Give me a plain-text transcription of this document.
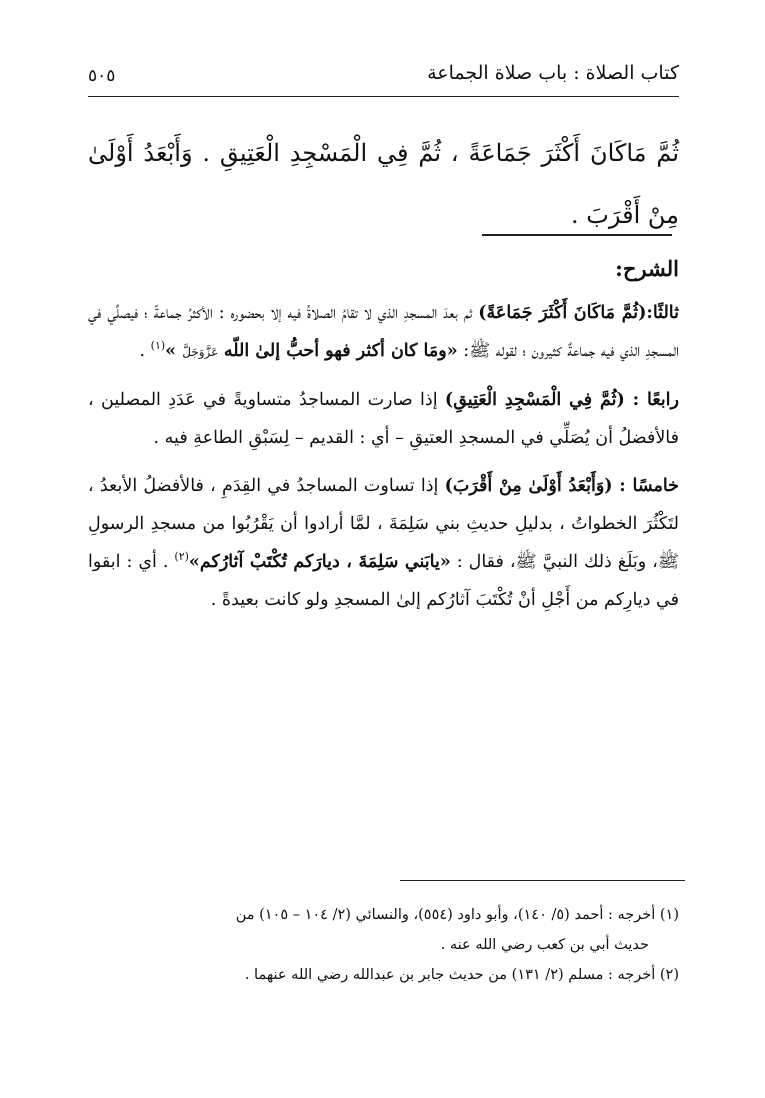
كتاب الصلاة : باب صلاة الجماعة
٥٠٥
ثُمَّ مَاكَانَ أَكْثَرَ جَمَاعَةً ، ثُمَّ فِي الْمَسْجِدِ الْعَتِيقِ . وَأَبْعَدُ أَوْلَىٰ مِنْ أَقْرَبَ .
الشرح:

ثالثًا:(ثُمَّ مَاكَانَ أَكْثَرَ جَمَاعَةً) ثم بعدَ المسجدِ الذي لا تقامُ الصلاةُ فيه إلا بحضوره : الأكثرُ جماعةً ؛ فيصلِّي في المسجدِ الذي فيه جماعةٌ كثيرون ؛ لقوله ﷺ: «ومَا كان أكثر فهو أحبُّ إلىٰ اللّه عَزَّوَجَلَّ »$^{(١)}$ .

رابعًا : (ثُمَّ فِي الْمَسْجِدِ الْعَتِيقِ) إذا صارت المساجدُ متساويةً في عَدَدِ المصلين ، فالأفضلُ أن يُصَلِّي في المسجدِ العتيقِ – أي : القديم – لِسَبْقِ الطاعةِ فيه .

خامسًا : (وَأَبْعَدُ أَوْلَىٰ مِنْ أَقْرَبَ) إذا تساوت المساجدُ في القِدَمِ ، فالأفضلُ الأبعدُ ، لتَكْثُرَ الخطواتُ ، بدليلِ حديثِ بني سَلِمَةَ ، لمَّا أرادوا أن يَقْرُبُوا من مسجدِ الرسولِ ﷺ، وبَلَغ ذلك النبيَّ ﷺ، فقال : «يابَني سَلِمَةَ ، ديارَكم تُكْتَبْ آثارُكم»$^{(٢)}$ . أي : ابقوا في ديارِكم من أَجْلِ أنْ تُكْتَبَ آثارُكم إلىٰ المسجدِ ولو كانت بعيدةً .

(١) أخرجه : أحمد (٥/ ١٤٠)، وأبو داود (٥٥٤)، والنسائي (٢/ ١٠٤ – ١٠٥) من

حديث أبي بن كعب رضي الله عنه .

(٢) أخرجه : مسلم (٢/ ١٣١) من حديث جابر بن عبدالله رضي الله عنهما .
